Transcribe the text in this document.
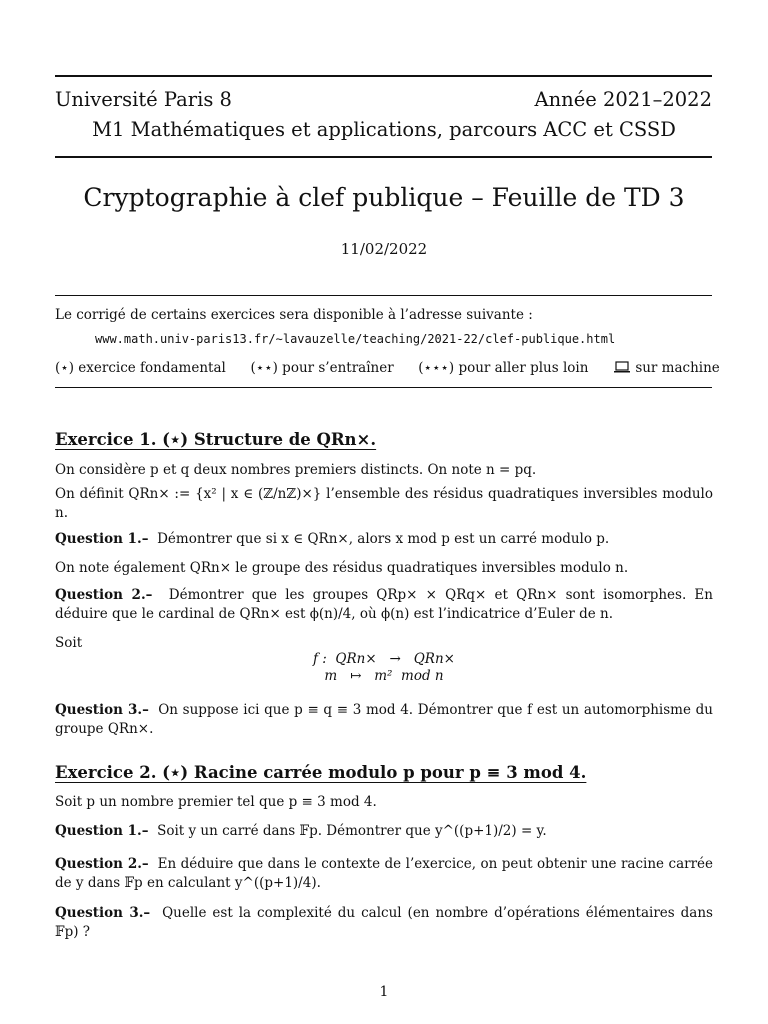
Université Paris 8	Année 2021–2022
M1 Mathématiques et applications, parcours ACC et CSSD
Cryptographie à clef publique – Feuille de TD 3
11/02/2022
Le corrigé de certains exercices sera disponible à l’adresse suivante :
www.math.univ-paris13.fr/∼lavauzelle/teaching/2021-22/clef-publique.html
(⋆) exercice fondamental (⋆⋆) pour s’entraîner (⋆⋆⋆) pour aller plus loin	sur machine
Exercice 1. (⋆) Structure de QRn×.
On considère p et q deux nombres premiers distincts. On note n = pq.
On définit QRn× := {x² | x ∈ (ℤ/nℤ)×} l’ensemble des résidus quadratiques inversibles modulo n.
Question 1.– Démontrer que si x ∈ QRn×, alors x mod p est un carré modulo p.
On note également QRn× le groupe des résidus quadratiques inversibles modulo n.
Question 2.– Démontrer que les groupes QRp× × QRq× et QRn× sont isomorphes. En déduire que le cardinal de QRn× est ϕ(n)/4, où ϕ(n) est l’indicatrice d’Euler de n.
Soit
f :  QRn×   →   QRn×
m   ↦   m²  mod n
Question 3.– On suppose ici que p ≡ q ≡ 3 mod 4. Démontrer que f est un automorphisme du groupe QRn×.
Exercice 2. (⋆) Racine carrée modulo p pour p ≡ 3 mod 4.
Soit p un nombre premier tel que p ≡ 3 mod 4.
Question 1.– Soit y un carré dans 𝔽p. Démontrer que y^((p+1)/2) = y.
Question 2.– En déduire que dans le contexte de l’exercice, on peut obtenir une racine carrée de y dans 𝔽p en calculant y^((p+1)/4).
Question 3.– Quelle est la complexité du calcul (en nombre d’opérations élémentaires dans 𝔽p) ?
1
